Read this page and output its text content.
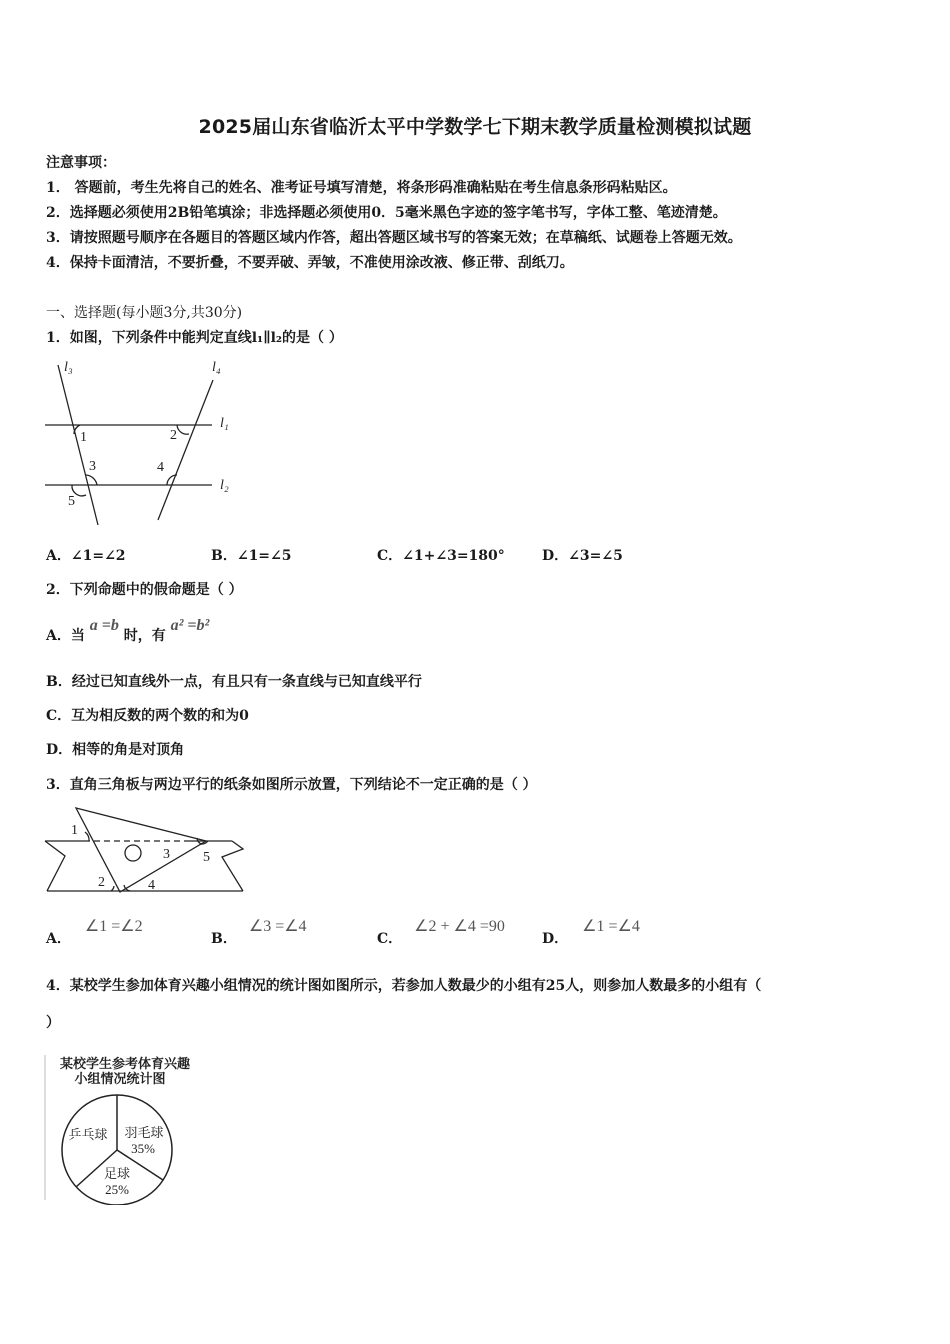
2025届山东省临沂太平中学数学七下期末教学质量检测模拟试题
注意事项：
1． 答题前，考生先将自己的姓名、准考证号填写清楚，将条形码准确粘贴在考生信息条形码粘贴区。
2．选择题必须使用2B铅笔填涂；非选择题必须使用0．5毫米黑色字迹的签字笔书写，字体工整、笔迹清楚。
3．请按照题号顺序在各题目的答题区域内作答，超出答题区域书写的答案无效；在草稿纸、试题卷上答题无效。
4．保持卡面清洁，不要折叠，不要弄破、弄皱，不准使用涂改液、修正带、刮纸刀。
一、选择题(每小题3分,共30分)
1．如图，下列条件中能判定直线l₁∥l₂的是（ ）
l₃	l₄
l₁
l₂
1	2
3	4
5
A．∠1=∠2	B．∠1=∠5	C．∠1+∠3=180°	D．∠3=∠5
2．下列命题中的假命题是（ ）
A．当 a =b 时，有 a² =b²
B．经过已知直线外一点，有且只有一条直线与已知直线平行
C．互为相反数的两个数的和为0
D．相等的角是对顶角
3．直角三角板与两边平行的纸条如图所示放置，下列结论不一定正确的是（ ）
1
2
3
4
5
A．∠1 =∠2
B．∠3 =∠4
C．∠2 + ∠4 =90
D．∠1 =∠4
4．某校学生参加体育兴趣小组情况的统计图如图所示，若参加人数最少的小组有25人，则参加人数最多的小组有（
）
某校学生参考体育兴趣
小组情况统计图
乒乓球 羽毛球
35%
足球
25%
